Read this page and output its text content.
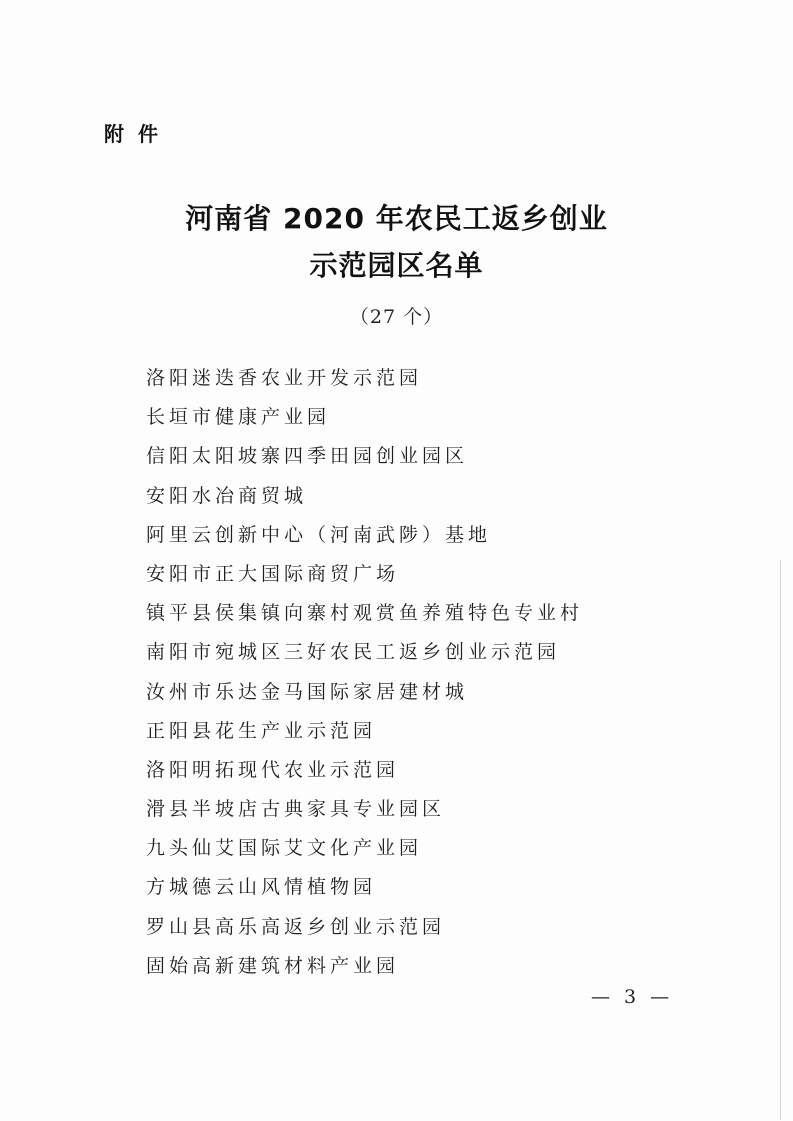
附件
河南省 2020 年农民工返乡创业
示范园区名单
（27 个）
洛阳迷迭香农业开发示范园
长垣市健康产业园
信阳太阳坡寨四季田园创业园区
安阳水冶商贸城
阿里云创新中心（河南武陟）基地
安阳市正大国际商贸广场
镇平县侯集镇向寨村观赏鱼养殖特色专业村
南阳市宛城区三好农民工返乡创业示范园
汝州市乐达金马国际家居建材城
正阳县花生产业示范园
洛阳明拓现代农业示范园
滑县半坡店古典家具专业园区
九头仙艾国际艾文化产业园
方城德云山风情植物园
罗山县高乐高返乡创业示范园
固始高新建筑材料产业园
— 3 —
